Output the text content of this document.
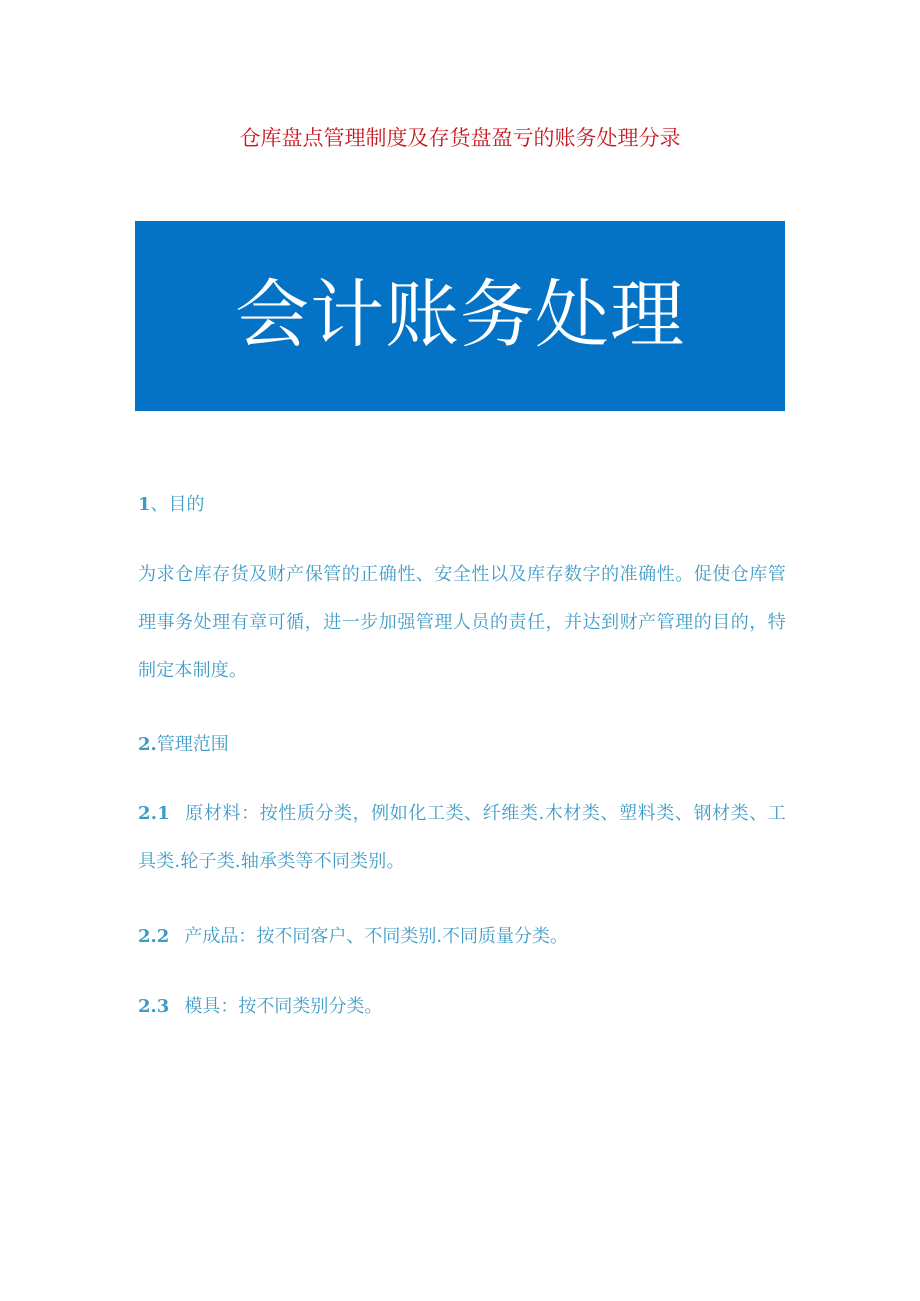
仓库盘点管理制度及存货盘盈亏的账务处理分录
会计账务处理
1、目的
为求仓库存货及财产保管的正确性、安全性以及库存数字的准确性。促使仓库管理事务处理有章可循，进一步加强管理人员的责任，并达到财产管理的目的，特制定本制度。
2.管理范围
2.1 原材料：按性质分类，例如化工类、纤维类.木材类、塑料类、钢材类、工具类.轮子类.轴承类等不同类别。
2.2 产成品：按不同客户、不同类别.不同质量分类。
2.3 模具：按不同类别分类。
